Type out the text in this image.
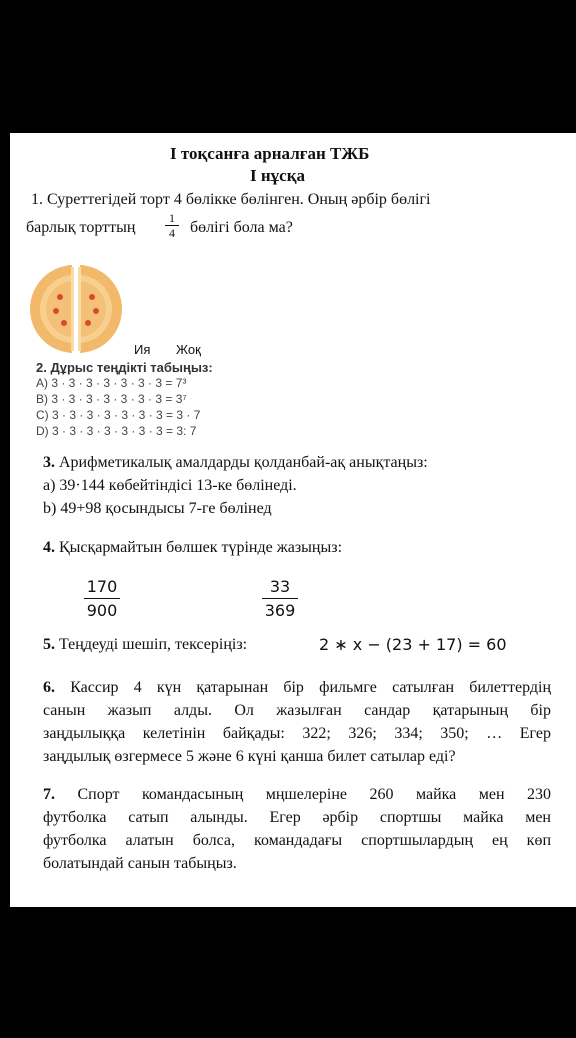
I тоқсанға арналған ТЖБ
I нұсқа
1. Суреттегідей торт 4 бөлікке бөлінген. Оның әрбір бөлігі
барлық торттың
1
4 бөлігі бола ма?
Ия Жоқ
2. Дұрыс теңдікті табыңыз:
A) 3 · 3 · 3 · 3 · 3 · 3 · 3 = 7³
B) 3 · 3 · 3 · 3 · 3 · 3 · 3 = 3⁷
C) 3 · 3 · 3 · 3 · 3 · 3 · 3 = 3 · 7
D) 3 · 3 · 3 · 3 · 3 · 3 · 3 = 3: 7
3. Арифметикалық амалдарды қолданбай-ақ анықтаңыз:
а) 39·144 көбейтіндісі 13-ке бөлінеді.
b) 49+98 қосындысы 7-ге бөлінед
4. Қысқармайтын бөлшек түрінде жазыңыз:
170
900
33
369
5. Теңдеуді шешіп, тексеріңіз:	2 ∗ x − (23 + 17) = 60
6. Кассир 4 күн қатарынан бір фильмге сатылған билеттердің
санын жазып алды. Ол жазылған сандар қатарының бір
заңдылыққа келетінін байқады: 322; 326; 334; 350; … Егер
заңдылық өзгермесе 5 және 6 күні қанша билет сатылар еді?
7. Спорт командасының мңшелеріне 260 майка мен 230
футболка сатып алынды. Егер әрбір спортшы майка мен
футболка алатын болса, командадағы спортшылардың ең көп
болатындай санын табыңыз.
